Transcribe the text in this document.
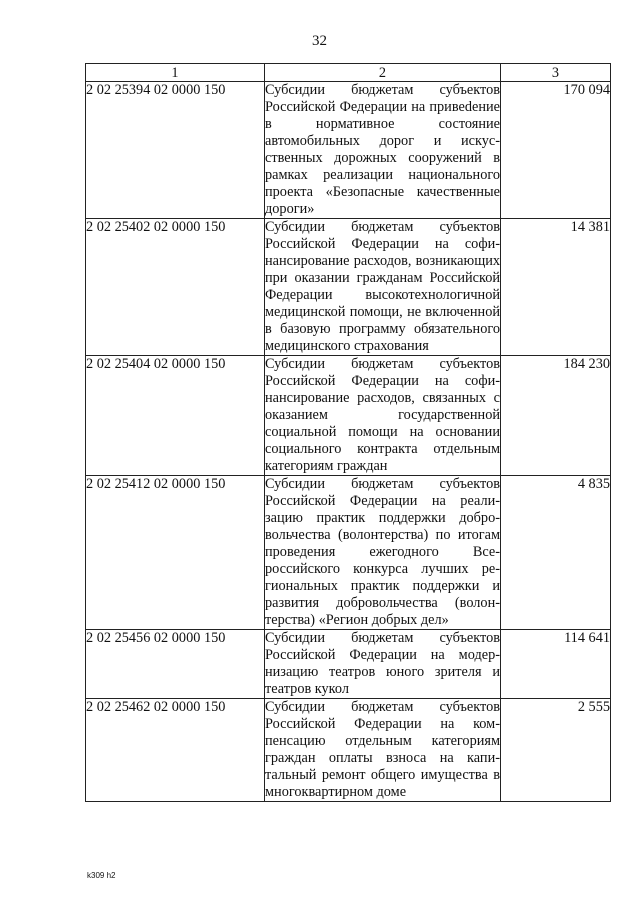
32
1	2	3
2 02 25394 02 0000 150	Субсидии бюджетам субъектов Российской Федерации на привеdение в нормативное состояние автомобильных дорог и искусственных дорожных сооружений в рамках реализации национального проекта «Безопасные качественные дороги»	170 094
2 02 25402 02 0000 150	Субсидии бюджетам субъектов Российской Федерации на софинансирование расходов, возникающих при оказании гражданам Российской Федерации высокотехнологичной медицинской помощи, не включенной в базовую программу обязательного медицинского страхования	14 381
2 02 25404 02 0000 150	Субсидии бюджетам субъектов Российской Федерации на софинансирование расходов, связанных с оказанием государственной социальной помощи на основании социального контракта отдельным категориям граждан	184 230
2 02 25412 02 0000 150	Субсидии бюджетам субъектов Российской Федерации на реализацию практик поддержки добровольчества (волонтерства) по итогам проведения ежегодного Всероссийского конкурса лучших региональных практик поддержки и развития добровольчества (волонтерства) «Регион добрых дел»	4 835
2 02 25456 02 0000 150	Субсидии бюджетам субъектов Российской Федерации на модернизацию театров юного зрителя и театров кукол	114 641
2 02 25462 02 0000 150	Субсидии бюджетам субъектов Российской Федерации на компенсацию отдельным категориям граждан оплаты взноса на капитальный ремонт общего имущества в многоквартирном доме	2 555
k309 h2
